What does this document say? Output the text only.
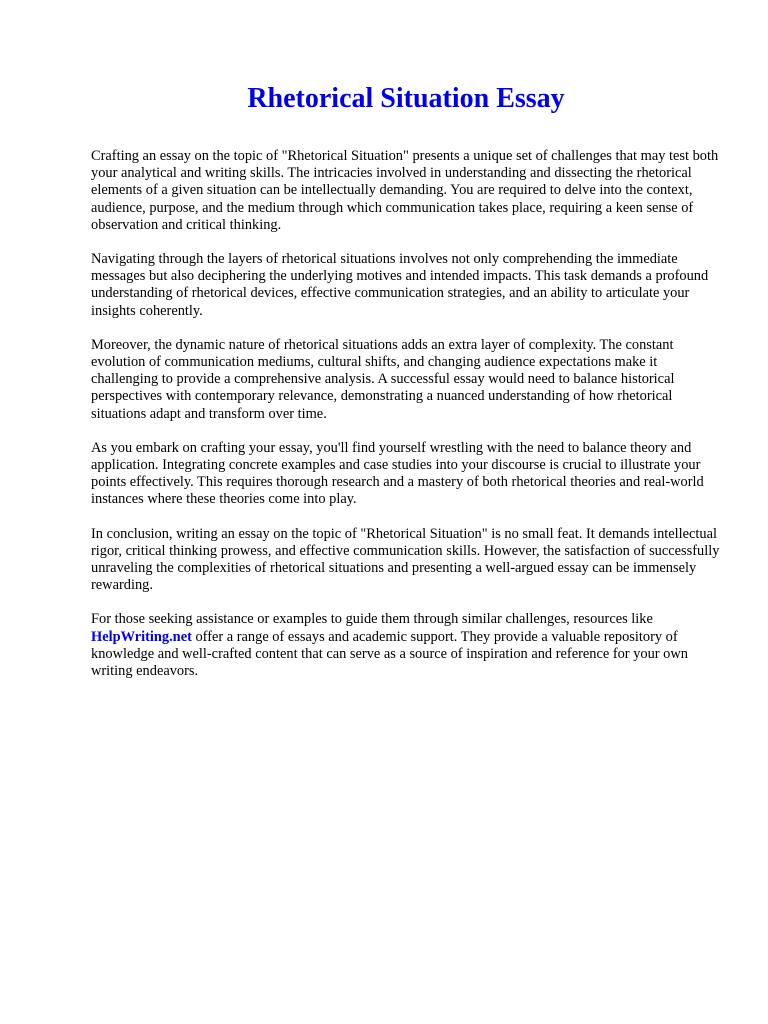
Rhetorical Situation Essay

Crafting an essay on the topic of "Rhetorical Situation" presents a unique set of challenges that may test both your analytical and writing skills. The intricacies involved in understanding and dissecting the rhetorical elements of a given situation can be intellectually demanding. You are required to delve into the context, audience, purpose, and the medium through which communication takes place, requiring a keen sense of observation and critical thinking.

Navigating through the layers of rhetorical situations involves not only comprehending the immediate messages but also deciphering the underlying motives and intended impacts. This task demands a profound understanding of rhetorical devices, effective communication strategies, and an ability to articulate your insights coherently.

Moreover, the dynamic nature of rhetorical situations adds an extra layer of complexity. The constant evolution of communication mediums, cultural shifts, and changing audience expectations make it challenging to provide a comprehensive analysis. A successful essay would need to balance historical perspectives with contemporary relevance, demonstrating a nuanced understanding of how rhetorical situations adapt and transform over time.

As you embark on crafting your essay, you'll find yourself wrestling with the need to balance theory and application. Integrating concrete examples and case studies into your discourse is crucial to illustrate your points effectively. This requires thorough research and a mastery of both rhetorical theories and real-world instances where these theories come into play.

In conclusion, writing an essay on the topic of "Rhetorical Situation" is no small feat. It demands intellectual rigor, critical thinking prowess, and effective communication skills. However, the satisfaction of successfully unraveling the complexities of rhetorical situations and presenting a well-argued essay can be immensely rewarding.

For those seeking assistance or examples to guide them through similar challenges, resources like HelpWriting.net offer a range of essays and academic support. They provide a valuable repository of knowledge and well-crafted content that can serve as a source of inspiration and reference for your own writing endeavors.
